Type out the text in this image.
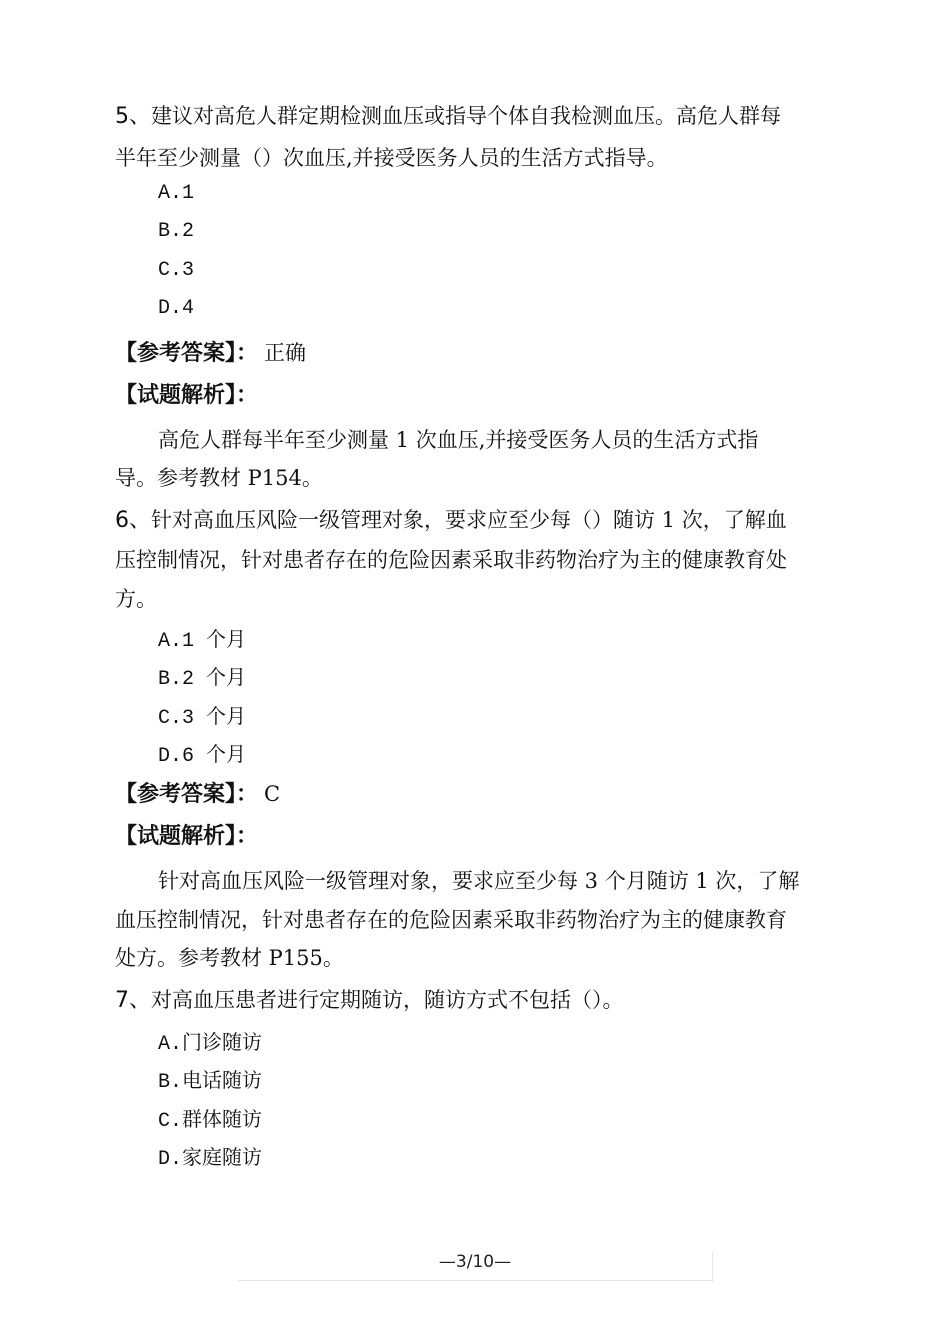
5、建议对高危人群定期检测血压或指导个体自我检测血压。高危人群每
半年至少测量（）次血压,并接受医务人员的生活方式指导。
A.1
B.2
C.3
D.4
【参考答案】： 正确
【试题解析】：
高危人群每半年至少测量 1 次血压,并接受医务人员的生活方式指
导。参考教材 P154。
6、针对高血压风险一级管理对象，要求应至少每（）随访 1 次，了解血
压控制情况，针对患者存在的危险因素采取非药物治疗为主的健康教育处
方。
A.1 个月
B.2 个月
C.3 个月
D.6 个月
【参考答案】： C
【试题解析】：
针对高血压风险一级管理对象，要求应至少每 3 个月随访 1 次，了解
血压控制情况，针对患者存在的危险因素采取非药物治疗为主的健康教育
处方。参考教材 P155。
7、对高血压患者进行定期随访，随访方式不包括（）。
A.门诊随访
B.电话随访
C.群体随访
D.家庭随访
—3/10—
